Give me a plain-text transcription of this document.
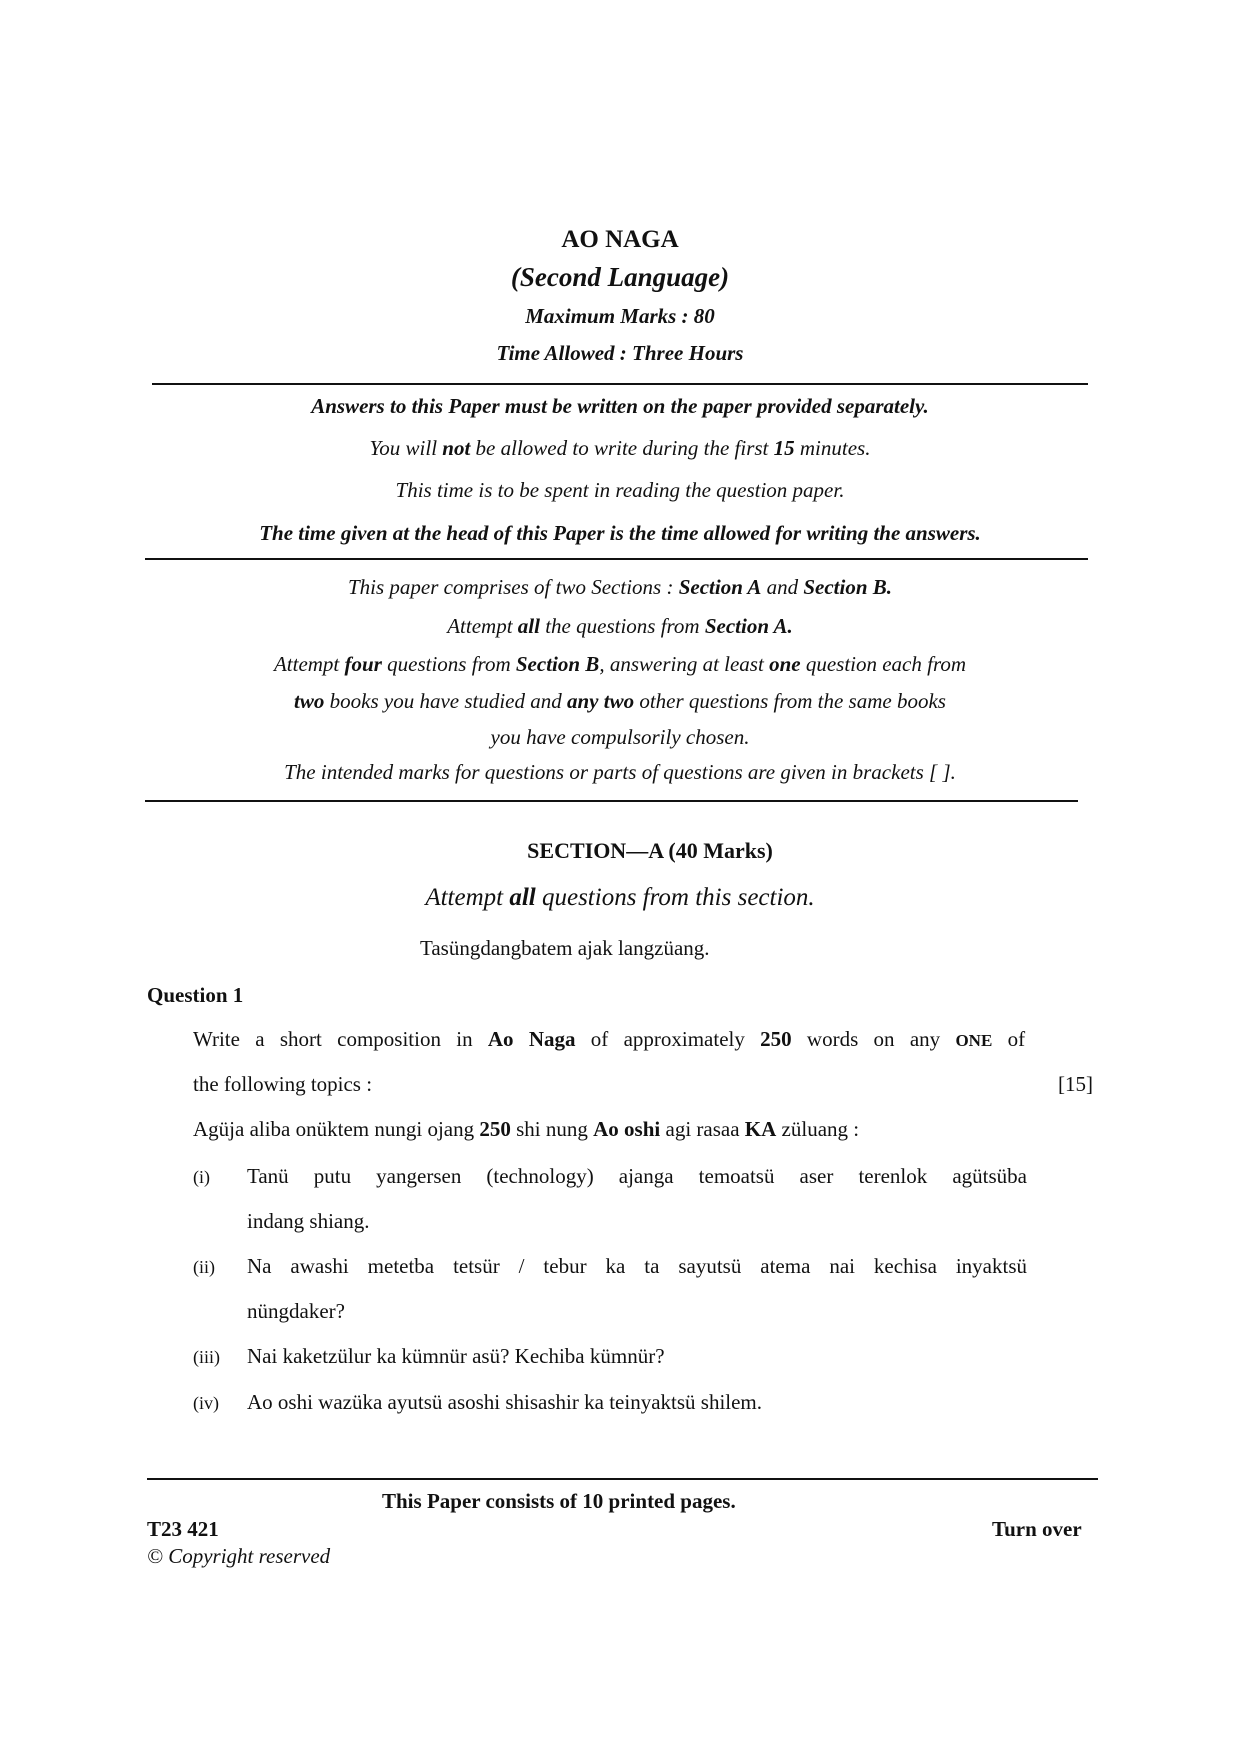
AO NAGA
(Second Language)
Maximum Marks : 80
Time Allowed : Three Hours
Answers to this Paper must be written on the paper provided separately.
You will not be allowed to write during the first 15 minutes.
This time is to be spent in reading the question paper.
The time given at the head of this Paper is the time allowed for writing the answers.
This paper comprises of two Sections : Section A and Section B.
Attempt all the questions from Section A.
Attempt four questions from Section B, answering at least one question each from
two books you have studied and any two other questions from the same books
you have compulsorily chosen.
The intended marks for questions or parts of questions are given in brackets [ ].
SECTION—A (40 Marks)
Attempt all questions from this section.
Tasüngdangbatem ajak langzüang.
Question 1
Write a short composition in Ao Naga of approximately 250 words on any ONE of
the following topics :	[15]
Agüja aliba onüktem nungi ojang 250 shi nung Ao oshi agi rasaa KA züluang :
(i) Tanü putu yangersen (technology) ajanga temoatsü aser terenlok agütsüba
indang shiang.
(ii) Na awashi metetba tetsür / tebur ka ta sayutsü atema nai kechisa inyaktsü
nüngdaker?
(iii) Nai kaketzülur ka kümnür asü? Kechiba kümnür?
(iv) Ao oshi wazüka ayutsü asoshi shisashir ka teinyaktsü shilem.
This Paper consists of 10 printed pages.
T23 421	Turn over
© Copyright reserved
